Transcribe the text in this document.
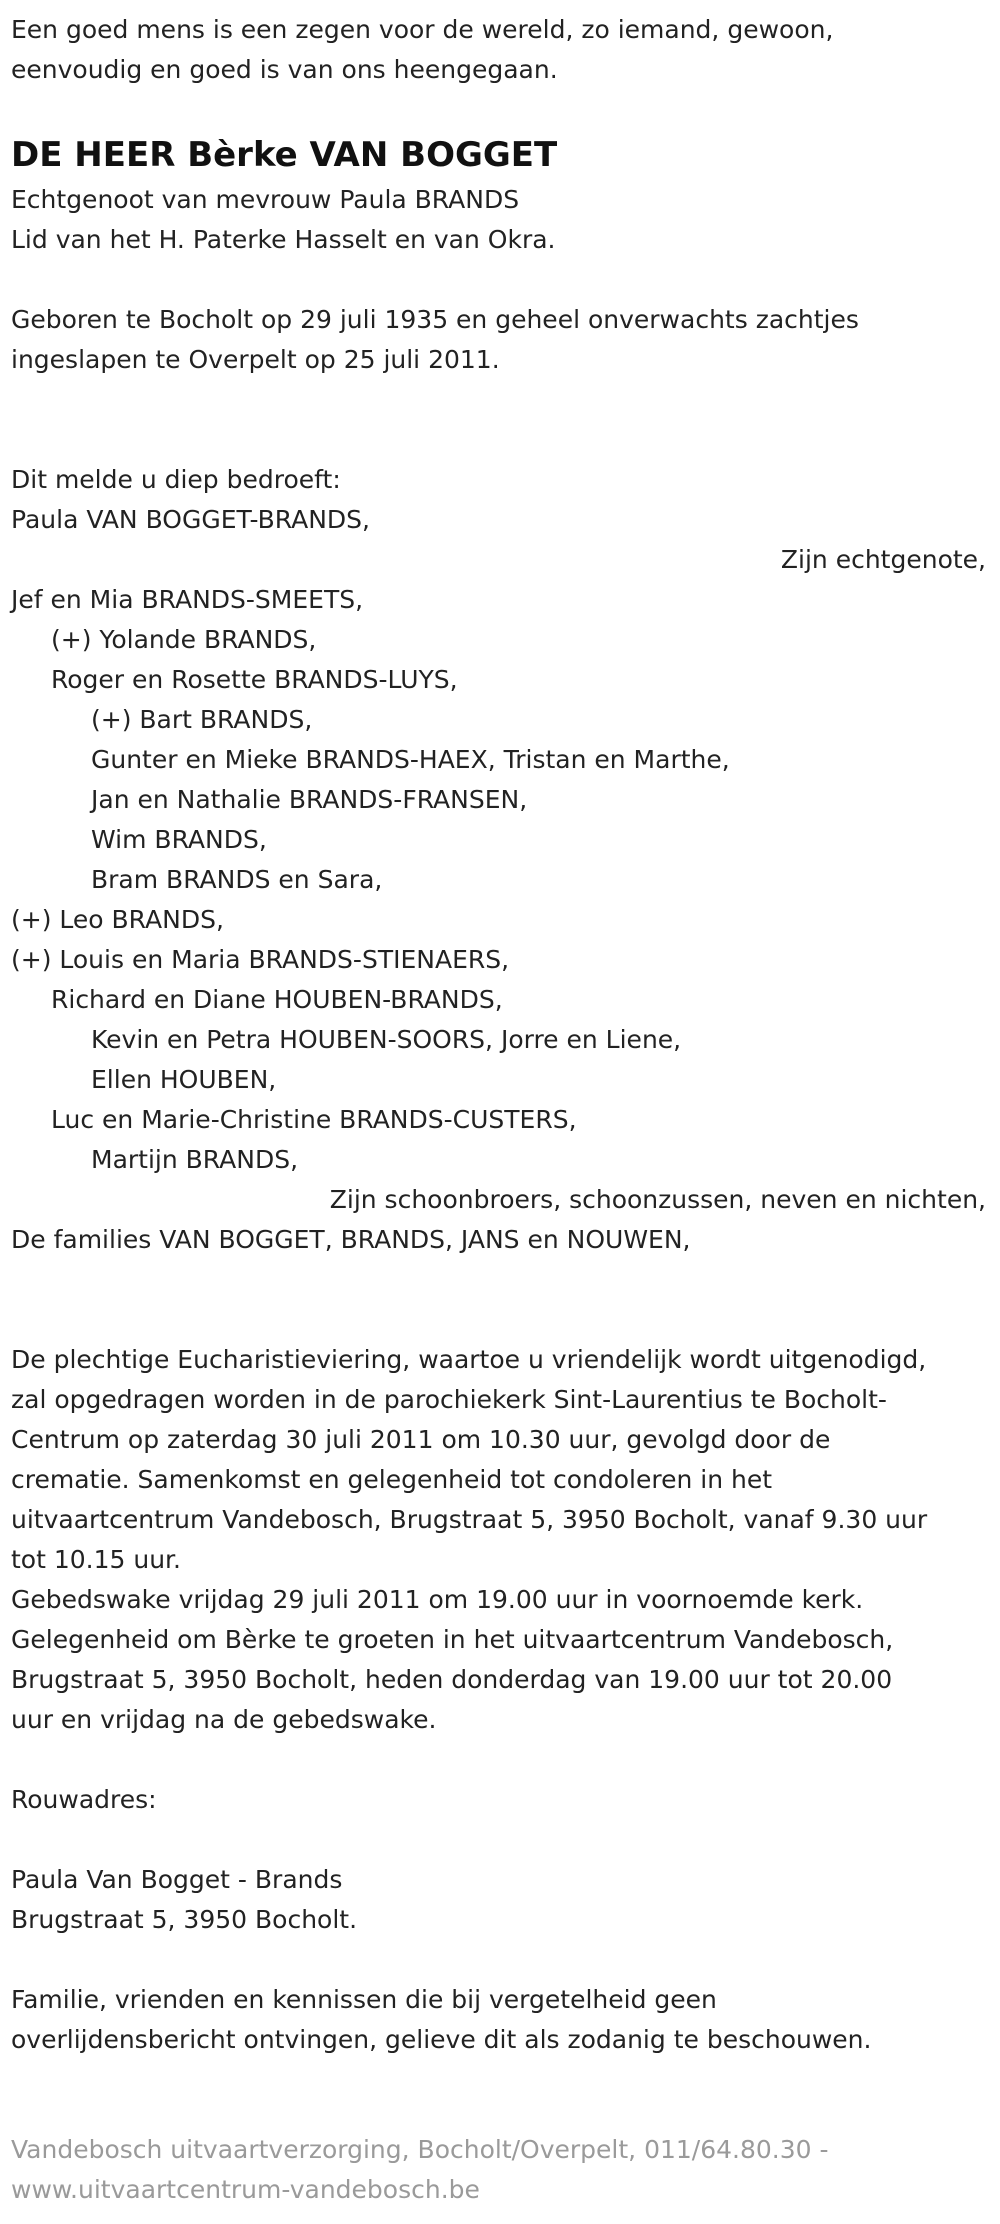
Een goed mens is een zegen voor de wereld, zo iemand, gewoon,

eenvoudig en goed is van ons heengegaan.

DE HEER Bèrke VAN BOGGET

Echtgenoot van mevrouw Paula BRANDS

Lid van het H. Paterke Hasselt en van Okra.

Geboren te Bocholt op 29 juli 1935 en geheel onverwachts zachtjes

ingeslapen te Overpelt op 25 juli 2011.

Dit melde u diep bedroeft:

Paula VAN BOGGET-BRANDS,

Zijn echtgenote,

Jef en Mia BRANDS-SMEETS,

(+) Yolande BRANDS,

Roger en Rosette BRANDS-LUYS,

(+) Bart BRANDS,

Gunter en Mieke BRANDS-HAEX, Tristan en Marthe,

Jan en Nathalie BRANDS-FRANSEN,

Wim BRANDS,

Bram BRANDS en Sara,

(+) Leo BRANDS,

(+) Louis en Maria BRANDS-STIENAERS,

Richard en Diane HOUBEN-BRANDS,

Kevin en Petra HOUBEN-SOORS, Jorre en Liene,

Ellen HOUBEN,

Luc en Marie-Christine BRANDS-CUSTERS,

Martijn BRANDS,

Zijn schoonbroers, schoonzussen, neven en nichten,

De families VAN BOGGET, BRANDS, JANS en NOUWEN,

De plechtige Eucharistieviering, waartoe u vriendelijk wordt uitgenodigd,

zal opgedragen worden in de parochiekerk Sint-Laurentius te Bocholt-

Centrum op zaterdag 30 juli 2011 om 10.30 uur, gevolgd door de

crematie. Samenkomst en gelegenheid tot condoleren in het

uitvaartcentrum Vandebosch, Brugstraat 5, 3950 Bocholt, vanaf 9.30 uur

tot 10.15 uur.

Gebedswake vrijdag 29 juli 2011 om 19.00 uur in voornoemde kerk.

Gelegenheid om Bèrke te groeten in het uitvaartcentrum Vandebosch,

Brugstraat 5, 3950 Bocholt, heden donderdag van 19.00 uur tot 20.00

uur en vrijdag na de gebedswake.

Rouwadres:

Paula Van Bogget - Brands

Brugstraat 5, 3950 Bocholt.

Familie, vrienden en kennissen die bij vergetelheid geen

overlijdensbericht ontvingen, gelieve dit als zodanig te beschouwen.

Vandebosch uitvaartverzorging, Bocholt/Overpelt, 011/64.80.30 -
www.uitvaartcentrum-vandebosch.be
